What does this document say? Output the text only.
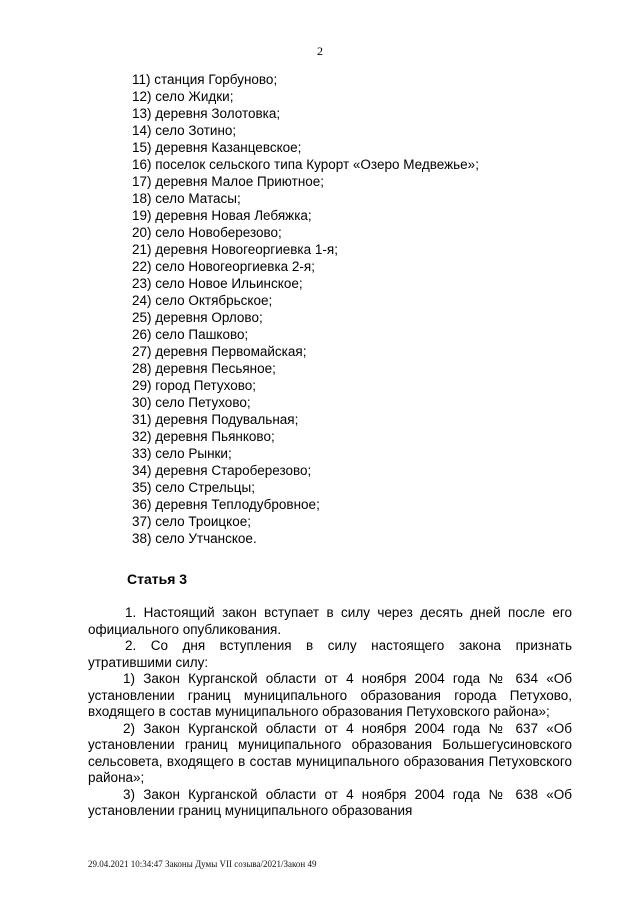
2
11) станция Горбуново;
12) село Жидки;
13) деревня Золотовка;
14) село Зотино;
15) деревня Казанцевское;
16) поселок сельского типа Курорт «Озеро Медвежье»;
17) деревня Малое Приютное;
18) село Матасы;
19) деревня Новая Лебяжка;
20) село Новоберезово;
21) деревня Новогеоргиевка 1-я;
22) село Новогеоргиевка 2-я;
23) село Новое Ильинское;
24) село Октябрьское;
25) деревня Орлово;
26) село Пашково;
27) деревня Первомайская;
28) деревня Песьяное;
29) город Петухово;
30) село Петухово;
31) деревня Подувальная;
32) деревня Пьянково;
33) село Рынки;
34) деревня Староберезово;
35) село Стрельцы;
36) деревня Теплодубровное;
37) село Троицкое;
38) село Утчанское.
Статья 3

1. Настоящий закон вступает в силу через десять дней после его официального опубликования.

2. Со дня вступления в силу настоящего закона признать утратившими силу:

1) Закон Курганской области от 4 ноября 2004 года № 634 «Об установлении границ муниципального образования города Петухово, входящего в состав муниципального образования Петуховского района»;

2) Закон Курганской области от 4 ноября 2004 года № 637 «Об установлении границ муниципального образования Большегусиновского сельсовета, входящего в состав муниципального образования Петуховского района»;

3) Закон Курганской области от 4 ноября 2004 года № 638 «Об установлении границ муниципального образования

29.04.2021 10:34:47 Законы Думы VII созыва/2021/Закон 49
